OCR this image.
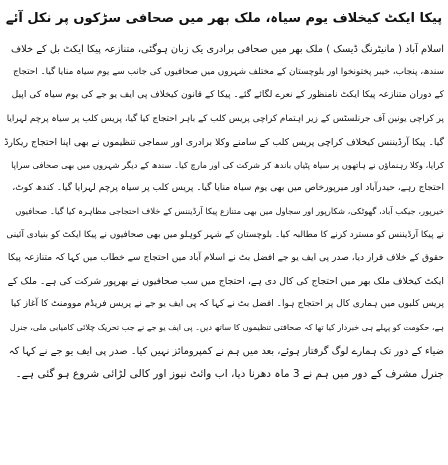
پیکا ایکٹ کیخلاف یوم سیاہ، ملک بھر میں صحافی سڑکوں پر نکل آئے
اسلام آباد ( مانیٹرنگ ڈیسک ) ملک بھر میں صحافی برادری یک زبان ہوگئی، متنازعہ پیکا ایکٹ بل کے خلاف
سندھ، پنجاب، خیبر پختونخوا اور بلوچستان کے مختلف شہروں میں صحافیوں کی جانب سے یوم سیاہ منایا گیا۔ احتجاج
کے دوران متنازعہ پیکا ایکٹ نامنظور کے نعرے لگائے گئے۔ پیکا کے قانون کیخلاف پی ایف یو جے کی یوم سیاہ کی اپیل
پر کراچی یونین آف جرنلسٹس کے زیر اہتمام کراچی پریس کلب کے باہر احتجاج کیا گیا، پریس کلب پر سیاہ پرچم لہرایا
گیا۔ پیکا آرڈیننس کیخلاف کراچی پریس کلب کے سامنے وکلا برادری اور سماجی تنظیموں نے بھی اپنا احتجاج ریکارڈ
کرایا، وکلا رہنماؤں نے ہاتھوں پر سیاہ پٹیاں باندھ کر شرکت کی اور مارچ کیا۔ سندھ کے دیگر شہروں میں بھی صحافی سراپا
احتجاج رہے، حیدرآباد اور میرپورخاص میں بھی یوم سیاہ منایا گیا۔ پریس کلب پر سیاہ پرچم لہرایا گیا۔ کندھ کوٹ،
خیرپور، جیکب آباد، گھوٹکی، شکارپور اور سجاول میں بھی متنازع پیکا آرڈیننس کے خلاف احتجاجی مظاہرہ کیا گیا۔ صحافیوں
نے پیکا آرڈیننس کو مسترد کرنے کا مطالبہ کیا۔ بلوچستان کے شہر کوہلو میں بھی صحافیوں نے پیکا ایکٹ کو بنیادی آئینی
حقوق کے خلاف قرار دیا، صدر پی ایف یو جے افضل بٹ نے اسلام آباد میں احتجاج سے خطاب میں کہا کہ متنازعہ پیکا
ایکٹ کیخلاف ملک بھر میں احتجاج کی کال دی ہے، احتجاج میں سب صحافیوں نے بھرپور شرکت کی ہے۔ ملک کے
پریس کلبوں میں ہماری کال پر احتجاج ہوا۔ افضل بٹ نے کہا کہ پی ایف یو جے نے پریس فریڈم موومنٹ کا آغاز کیا
ہے، حکومت کو پہلے ہی خبردار کیا تھا کہ صحافتی تنظیموں کا ساتھ دیں۔ پی ایف یو جے نے جب تحریک چلائی کامیابی ملی، جنرل
ضیاء کے دور تک ہمارے لوگ گرفتار ہوئے، بعد میں ہم نے کمپرومائز نہیں کیا۔ صدر پی ایف یو جے نے کہا کہ
جنرل مشرف کے دور میں ہم نے 3 ماہ دھرنا دیا، اب وائٹ نیوز اور کالی لڑائی شروع ہو گئی ہے۔
